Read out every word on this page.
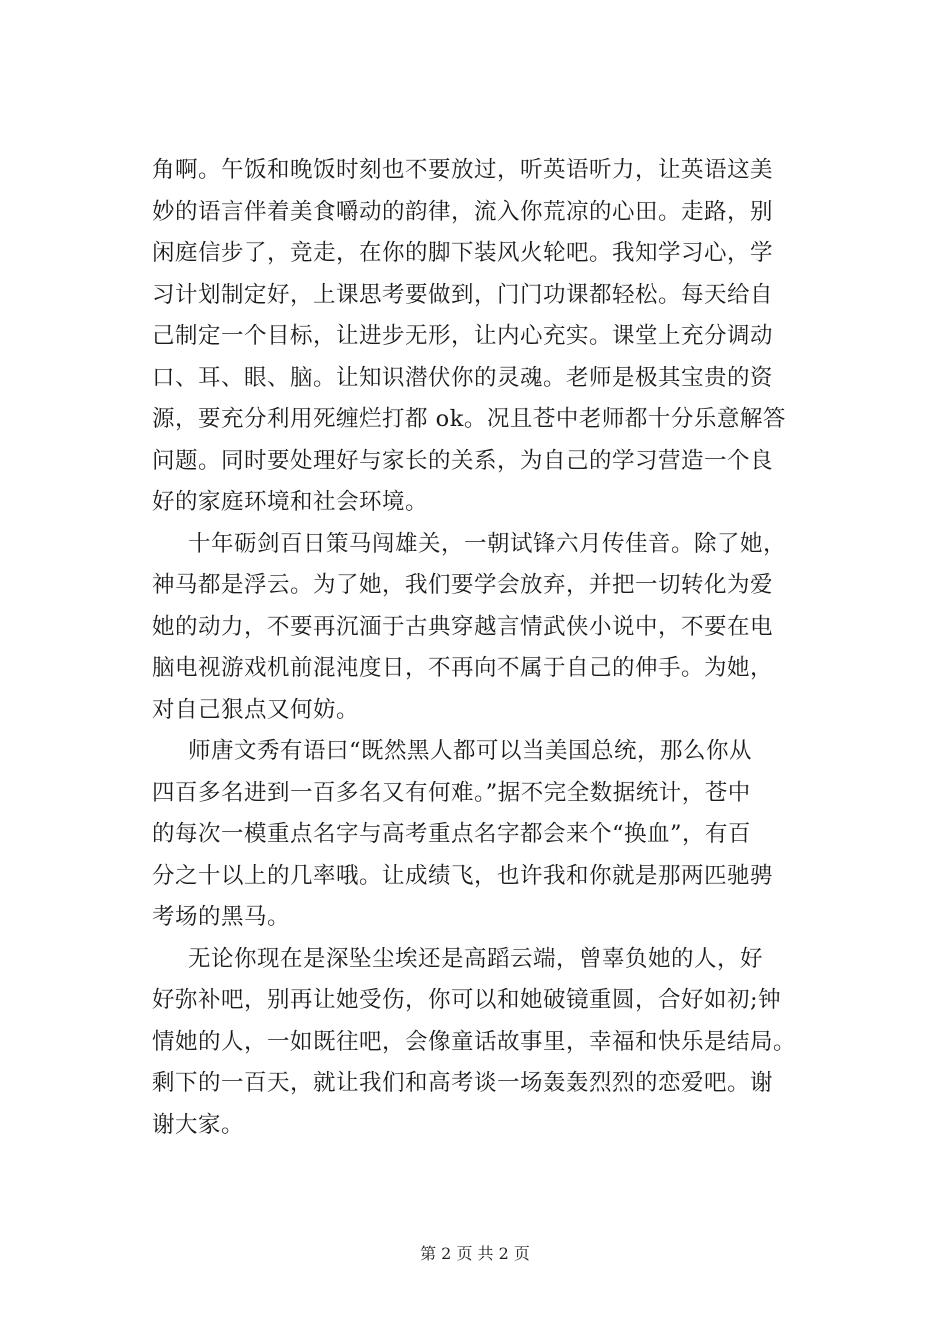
角啊。午饭和晚饭时刻也不要放过，听英语听力，让英语这美
妙的语言伴着美食嚼动的韵律，流入你荒凉的心田。走路，别
闲庭信步了，竞走，在你的脚下装风火轮吧。我知学习心，学
习计划制定好，上课思考要做到，门门功课都轻松。每天给自
己制定一个目标，让进步无形，让内心充实。课堂上充分调动
口、耳、眼、脑。让知识潜伏你的灵魂。老师是极其宝贵的资
源，要充分利用死缠烂打都 ok。况且苍中老师都十分乐意解答
问题。同时要处理好与家长的关系，为自己的学习营造一个良
好的家庭环境和社会环境。
十年砺剑百日策马闯雄关，一朝试锋六月传佳音。除了她，
神马都是浮云。为了她，我们要学会放弃，并把一切转化为爱
她的动力，不要再沉湎于古典穿越言情武侠小说中，不要在电
脑电视游戏机前混沌度日，不再向不属于自己的伸手。为她，
对自己狠点又何妨。
师唐文秀有语曰“既然黑人都可以当美国总统，那么你从
四百多名进到一百多名又有何难。”据不完全数据统计，苍中
的每次一模重点名字与高考重点名字都会来个“换血”，有百
分之十以上的几率哦。让成绩飞，也许我和你就是那两匹驰骋
考场的黑马。
无论你现在是深坠尘埃还是高蹈云端，曾辜负她的人，好
好弥补吧，别再让她受伤，你可以和她破镜重圆，合好如初;钟
情她的人，一如既往吧，会像童话故事里，幸福和快乐是结局。
剩下的一百天，就让我们和高考谈一场轰轰烈烈的恋爱吧。谢
谢大家。
第 2 页 共 2 页
